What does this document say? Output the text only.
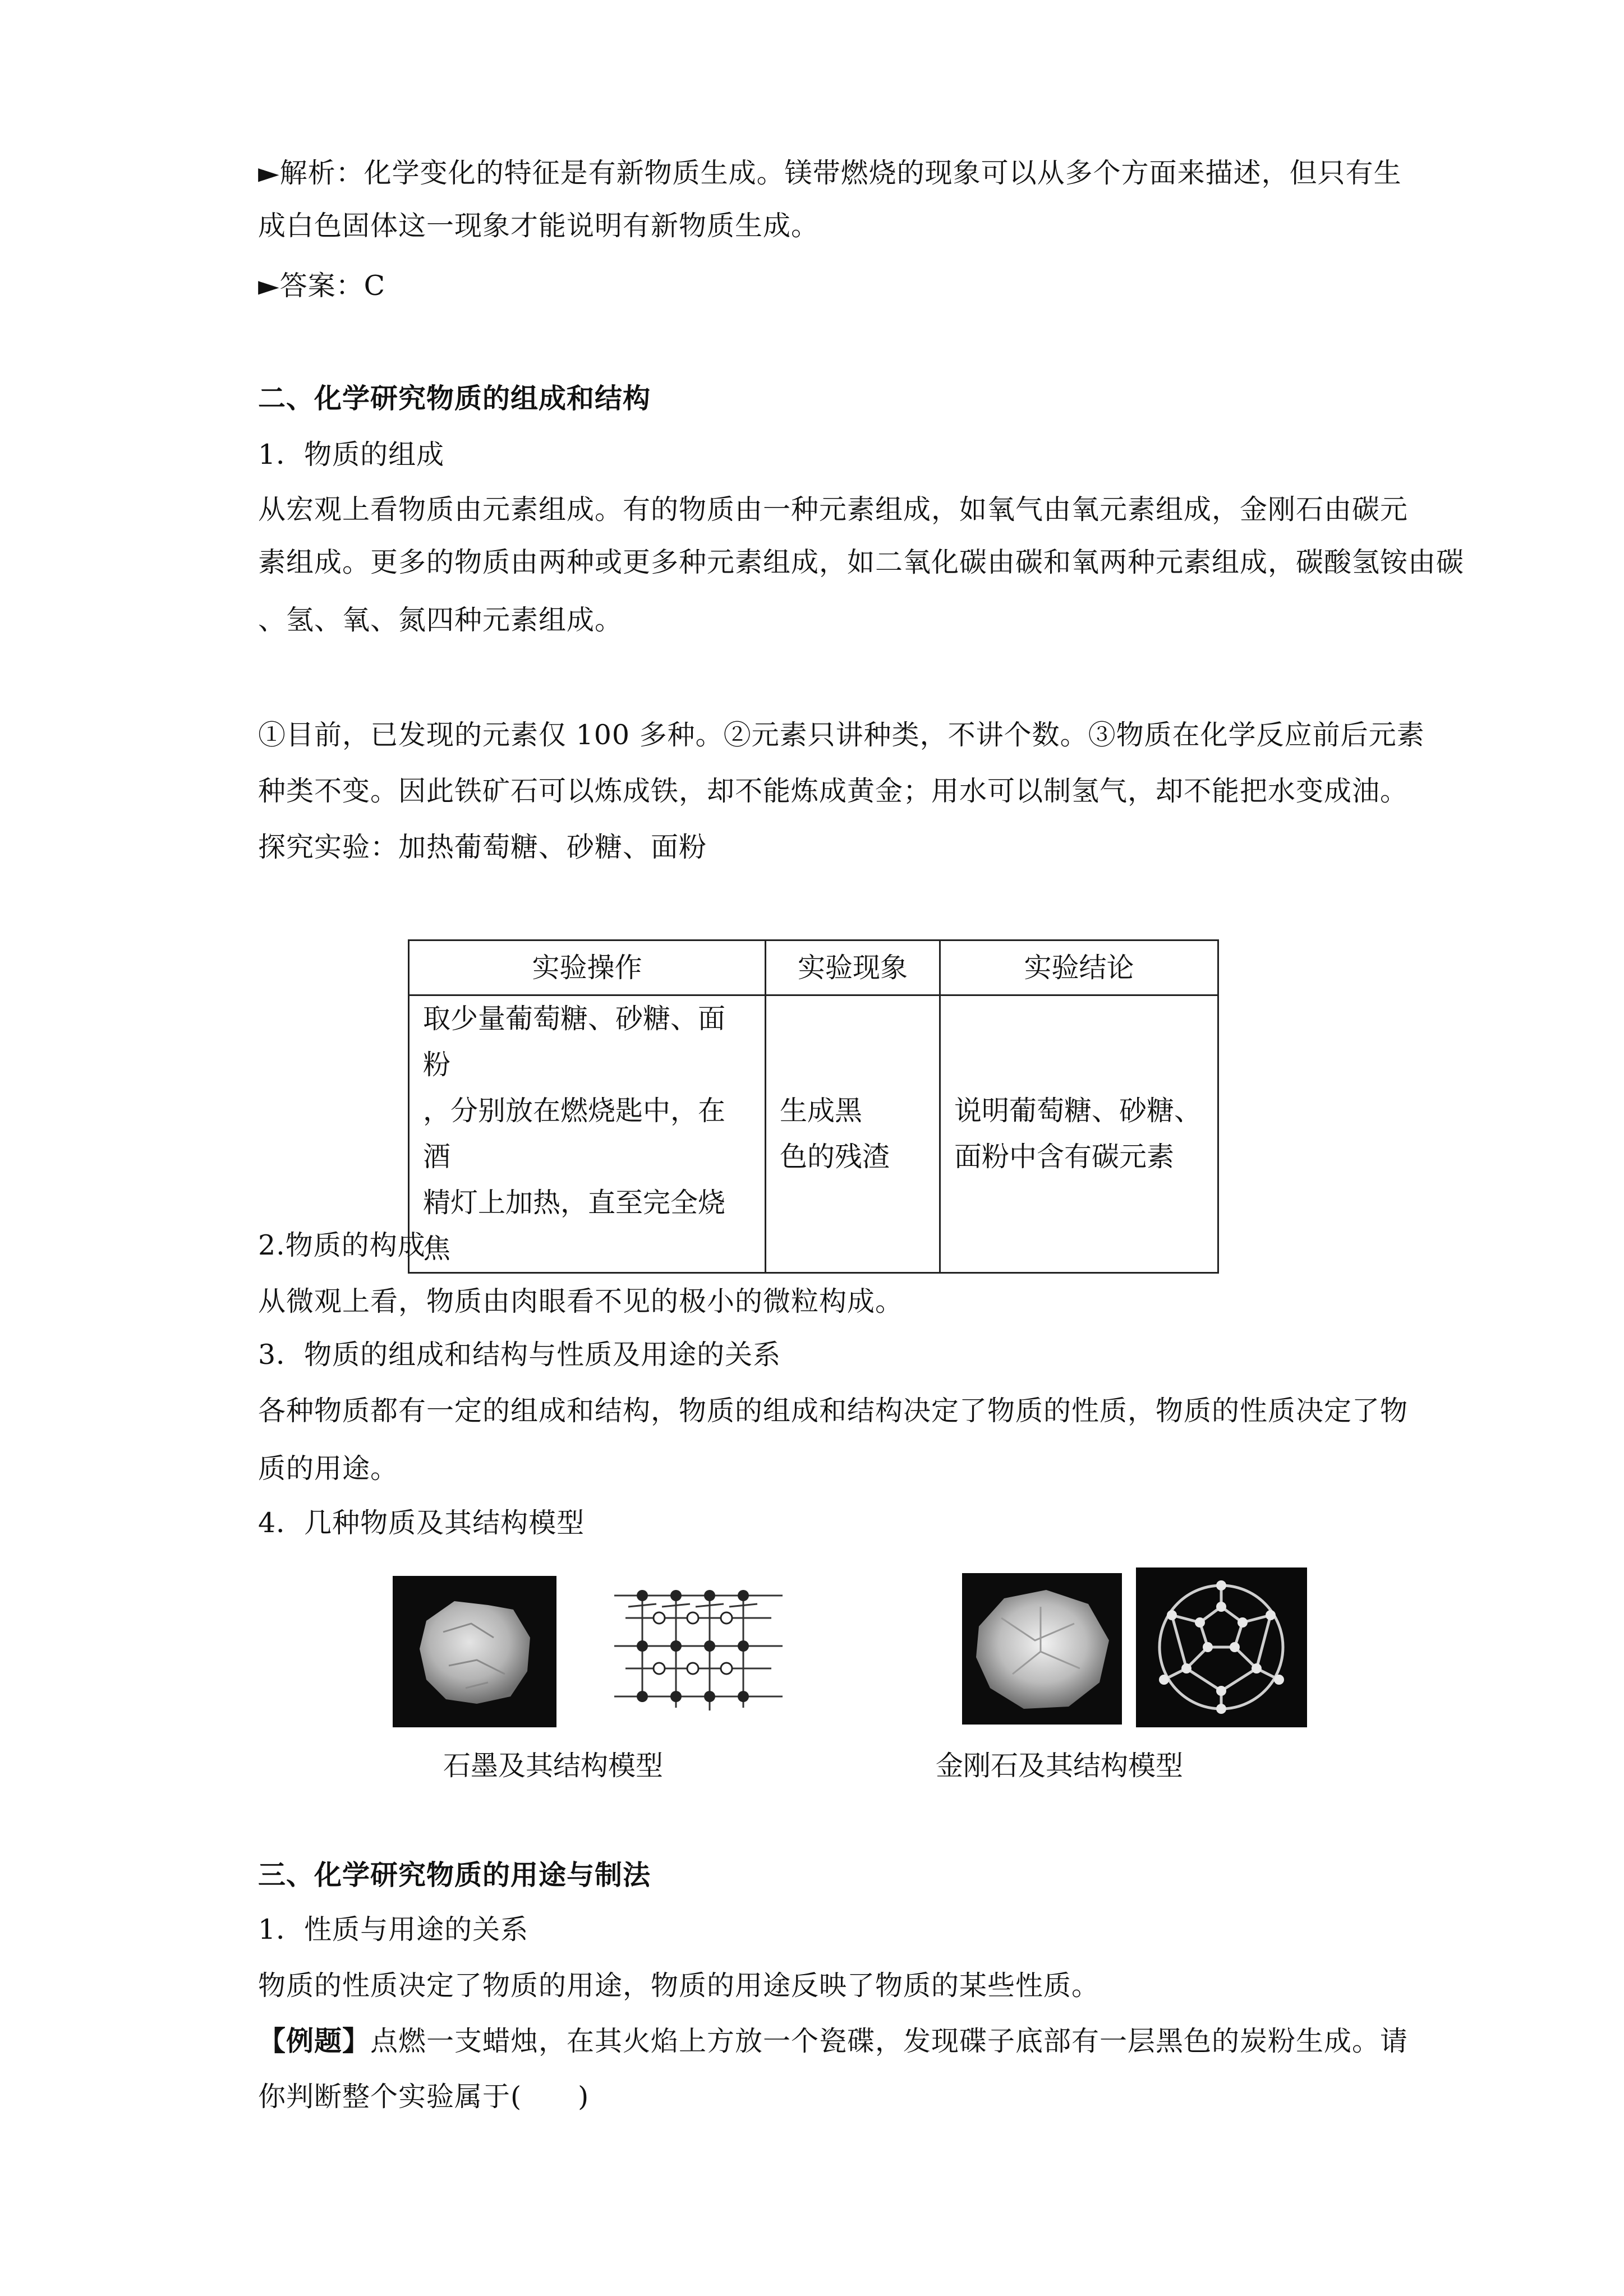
►解析：化学变化的特征是有新物质生成。镁带燃烧的现象可以从多个方面来描述，但只有生
成白色固体这一现象才能说明有新物质生成。
►答案：C
二、化学研究物质的组成和结构
1．物质的组成
从宏观上看物质由元素组成。有的物质由一种元素组成，如氧气由氧元素组成，金刚石由碳元
素组成。更多的物质由两种或更多种元素组成，如二氧化碳由碳和氧两种元素组成，碳酸氢铵由碳
、氢、氧、氮四种元素组成。
①目前，已发现的元素仅 100 多种。②元素只讲种类，不讲个数。③物质在化学反应前后元素
种类不变。因此铁矿石可以炼成铁，却不能炼成黄金；用水可以制氢气，却不能把水变成油。
探究实验：加热葡萄糖、砂糖、面粉
实验操作	实验现象	实验结论

取少量葡萄糖、砂糖、面粉
，分别放在燃烧匙中，在酒
精灯上加热，直至完全烧焦	生成黑
色的残渣	说明葡萄糖、砂糖、
面粉中含有碳元素
2.物质的构成
从微观上看，物质由肉眼看不见的极小的微粒构成。
3．物质的组成和结构与性质及用途的关系
各种物质都有一定的组成和结构，物质的组成和结构决定了物质的性质，物质的性质决定了物
质的用途。
4．几种物质及其结构模型
石墨及其结构模型	金刚石及其结构模型
三、化学研究物质的用途与制法
1．性质与用途的关系
物质的性质决定了物质的用途，物质的用途反映了物质的某些性质。
【例题】点燃一支蜡烛，在其火焰上方放一个瓷碟，发现碟子底部有一层黑色的炭粉生成。请
你判断整个实验属于(　　)
